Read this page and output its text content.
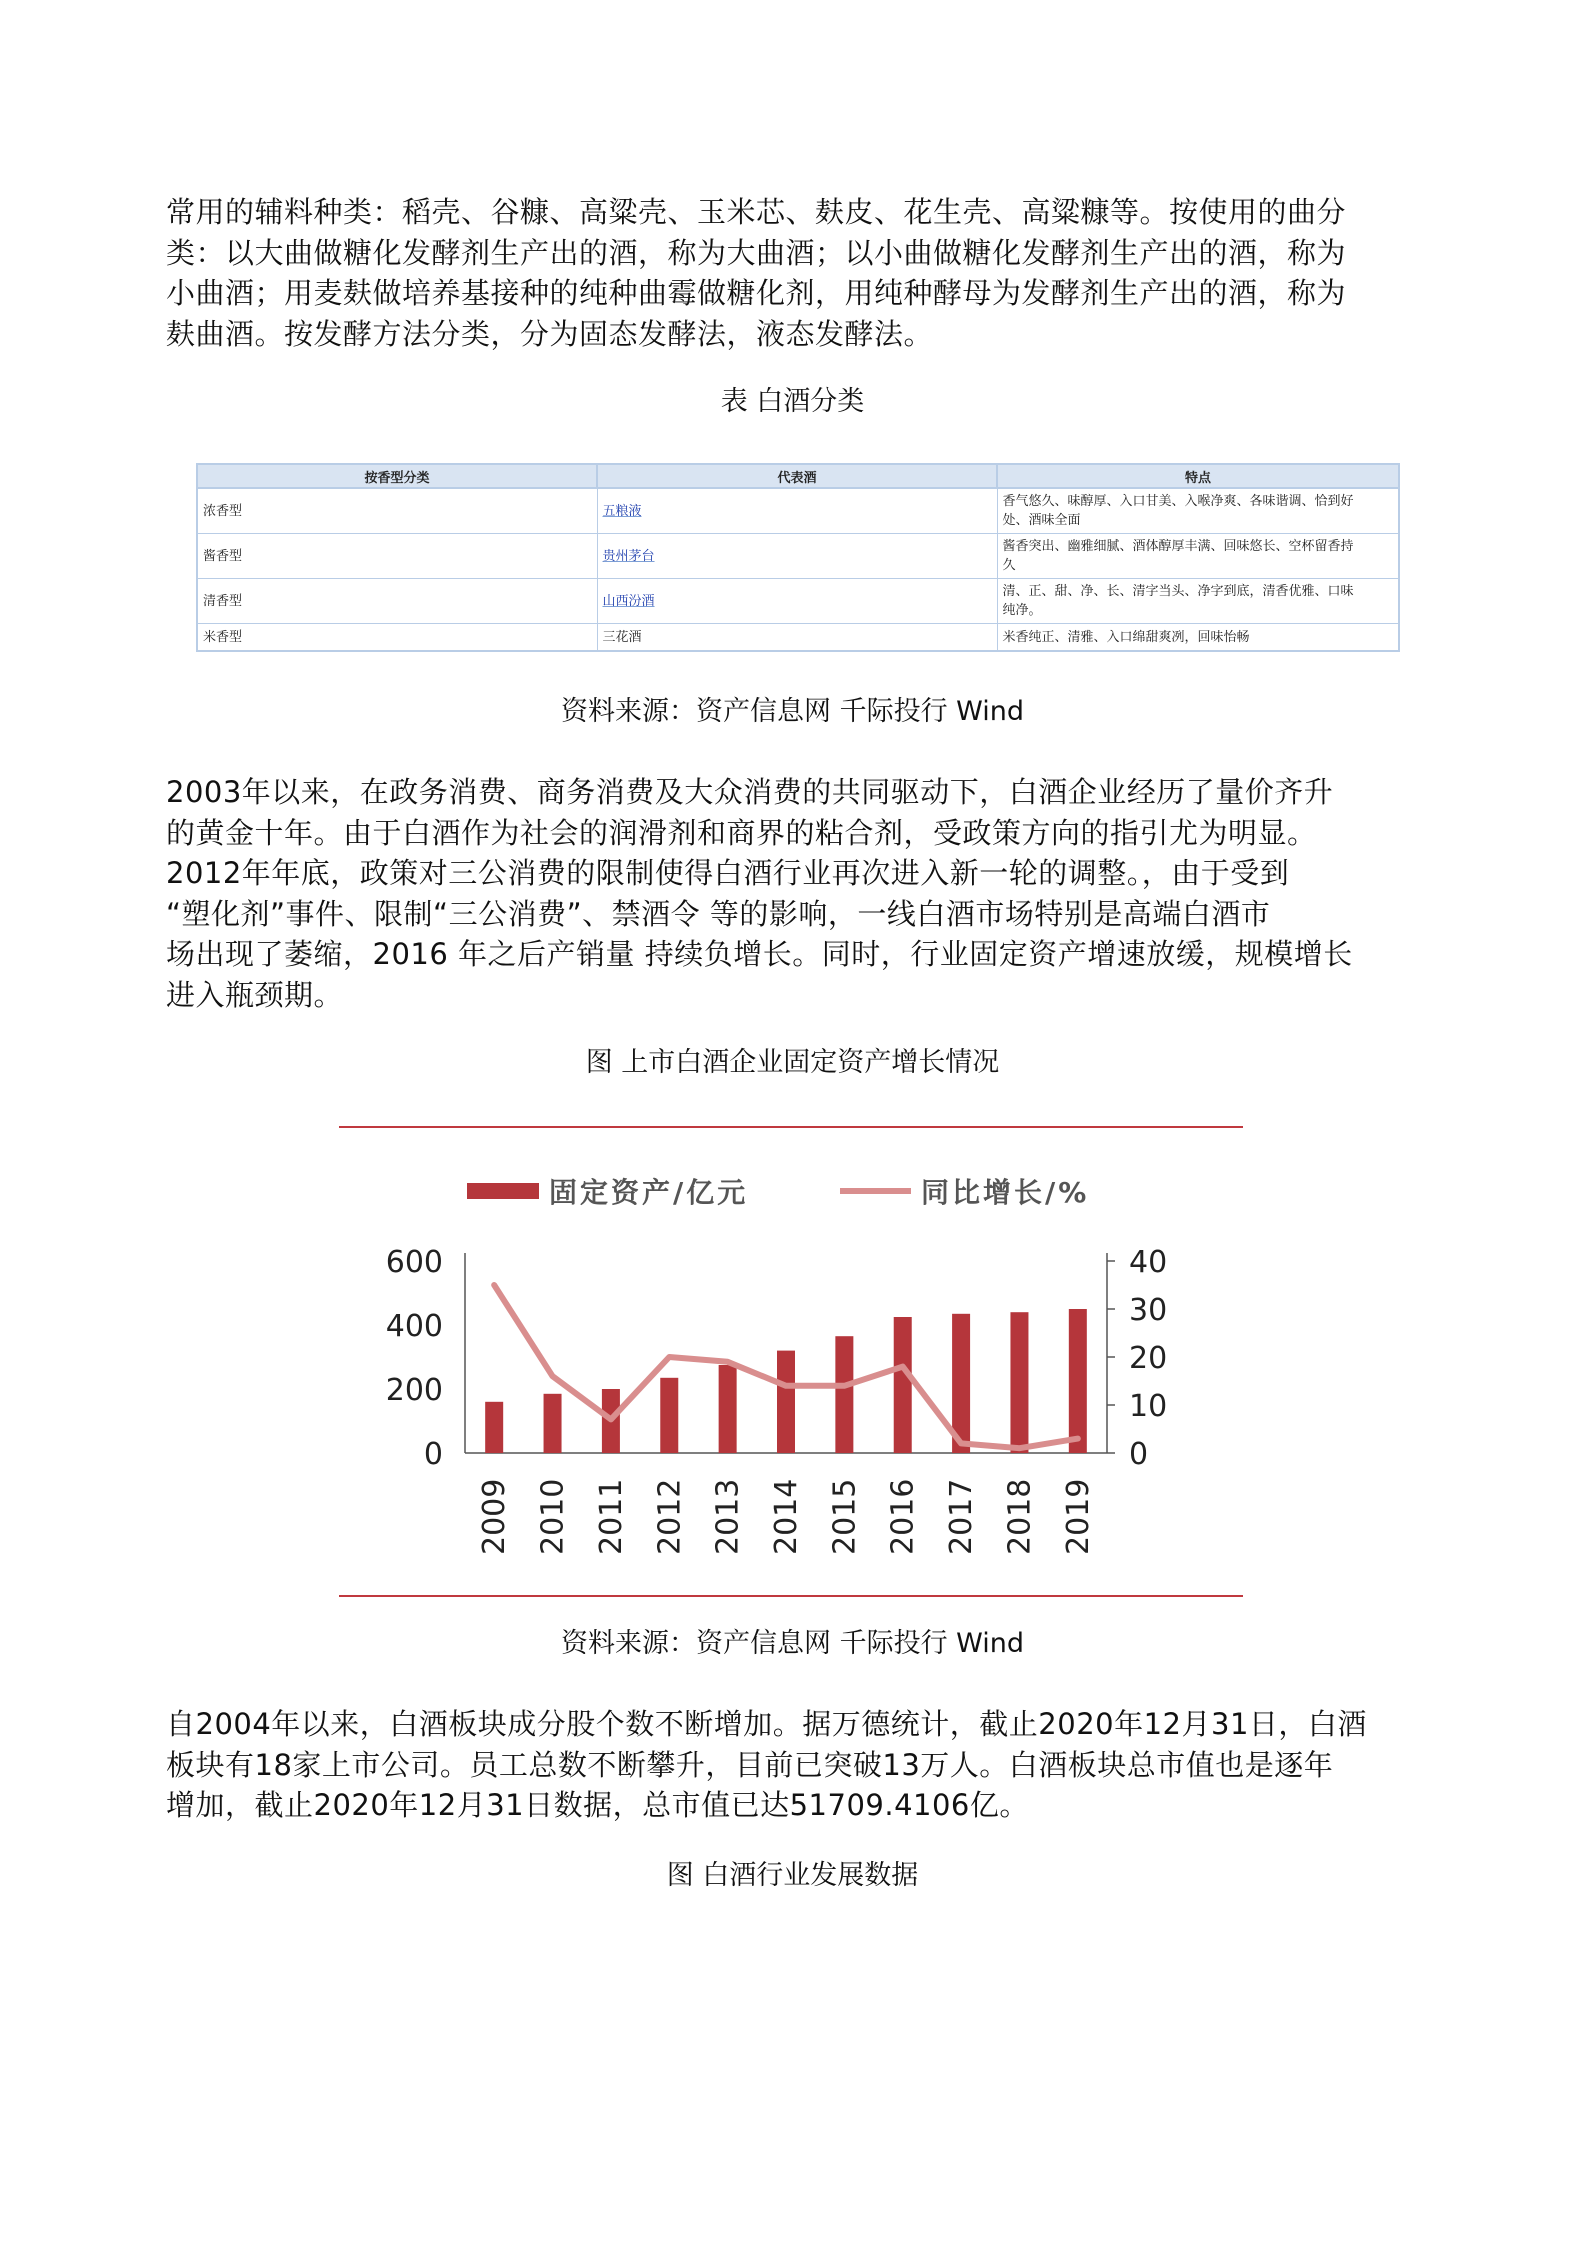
常用的辅料种类：稻壳、谷糠、高粱壳、玉米芯、麸皮、花生壳、高粱糠等。按使用的曲分
类：以大曲做糖化发酵剂生产出的酒，称为大曲酒；以小曲做糖化发酵剂生产出的酒，称为
小曲酒；用麦麸做培养基接种的纯种曲霉做糖化剂，用纯种酵母为发酵剂生产出的酒，称为
麸曲酒。按发酵方法分类，分为固态发酵法，液态发酵法。
表 白酒分类
按香型分类	代表酒	特点
浓香型	五粮液	香气悠久、味醇厚、入口甘美、入喉净爽、各味谐调、恰到好
处、酒味全面

酱香型	贵州茅台	酱香突出、幽雅细腻、酒体醇厚丰满、回味悠长、空杯留香持
久

清香型	山西汾酒	清、正、甜、净、长、清字当头、净字到底，清香优雅、口味
纯净。

米香型	三花酒	米香纯正、清雅、入口绵甜爽冽，回味怡畅
资料来源：资产信息网 千际投行 Wind
2003年以来，在政务消费、商务消费及大众消费的共同驱动下，白酒企业经历了量价齐升
的黄金十年。由于白酒作为社会的润滑剂和商界的粘合剂，受政策方向的指引尤为明显。
2012年年底，政策对三公消费的限制使得白酒行业再次进入新一轮的调整。，由于受到
“塑化剂”事件、限制“三公消费”、禁酒令 等的影响，一线白酒市场特别是高端白酒市
场出现了萎缩，2016 年之后产销量 持续负增长。同时，行业固定资产增速放缓，规模增长
进入瓶颈期。
图 上市白酒企业固定资产增长情况
固定资产/亿元	同比增长/%
0
200
400
600
0
10
20
30
40
2009 2010 2011 2012 2013 2014 2015 2016 2017 2018 2019
资料来源：资产信息网 千际投行 Wind
自2004年以来，白酒板块成分股个数不断增加。据万德统计，截止2020年12月31日，白酒
板块有18家上市公司。员工总数不断攀升，目前已突破13万人。白酒板块总市值也是逐年
增加，截止2020年12月31日数据，总市值已达51709.4106亿。
图 白酒行业发展数据
